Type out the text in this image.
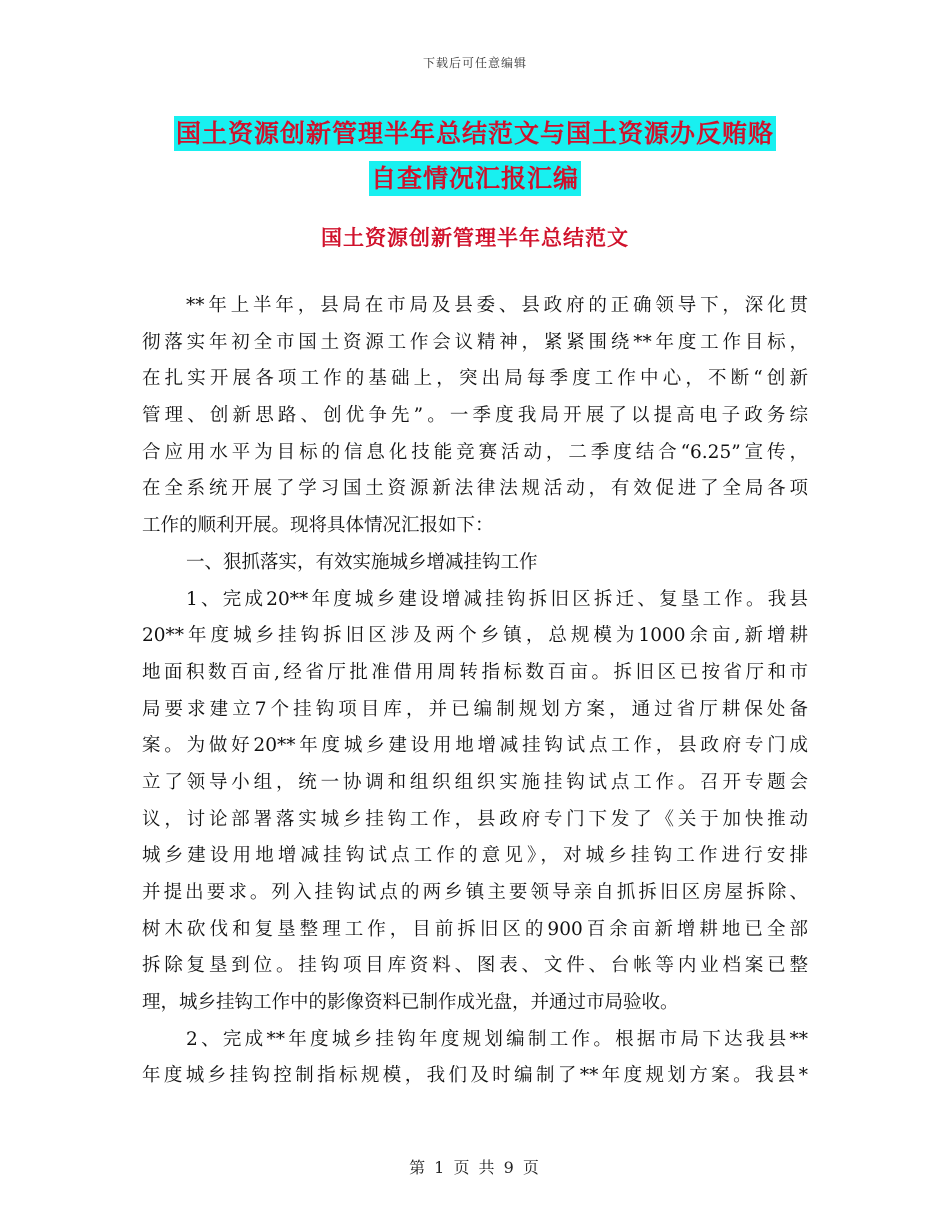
下载后可任意编辑
国土资源创新管理半年总结范文与国土资源办反贿赂
自查情况汇报汇编
国土资源创新管理半年总结范文
**年上半年，县局在市局及县委、县政府的正确领导下，深化贯
彻落实年初全市国土资源工作会议精神，紧紧围绕**年度工作目标，
在扎实开展各项工作的基础上，突出局每季度工作中心，不断“创新
管理、创新思路、创优争先”。一季度我局开展了以提高电子政务综
合应用水平为目标的信息化技能竞赛活动，二季度结合“6.25”宣传，
在全系统开展了学习国土资源新法律法规活动，有效促进了全局各项
工作的顺利开展。现将具体情况汇报如下：
一、狠抓落实，有效实施城乡增减挂钩工作
1、完成20**年度城乡建设增减挂钩拆旧区拆迁、复垦工作。我县
20**年度城乡挂钩拆旧区涉及两个乡镇，总规模为1000余亩,新增耕
地面积数百亩,经省厅批准借用周转指标数百亩。拆旧区已按省厅和市
局要求建立7个挂钩项目库，并已编制规划方案，通过省厅耕保处备
案。为做好20**年度城乡建设用地增减挂钩试点工作，县政府专门成
立了领导小组，统一协调和组织组织实施挂钩试点工作。召开专题会
议，讨论部署落实城乡挂钩工作，县政府专门下发了《关于加快推动
城乡建设用地增减挂钩试点工作的意见》，对城乡挂钩工作进行安排
并提出要求。列入挂钩试点的两乡镇主要领导亲自抓拆旧区房屋拆除、
树木砍伐和复垦整理工作，目前拆旧区的900百余亩新增耕地已全部
拆除复垦到位。挂钩项目库资料、图表、文件、台帐等内业档案已整
理，城乡挂钩工作中的影像资料已制作成光盘，并通过市局验收。
2、完成**年度城乡挂钩年度规划编制工作。根据市局下达我县**
年度城乡挂钩控制指标规模，我们及时编制了**年度规划方案。我县*
第 1 页 共 9 页
